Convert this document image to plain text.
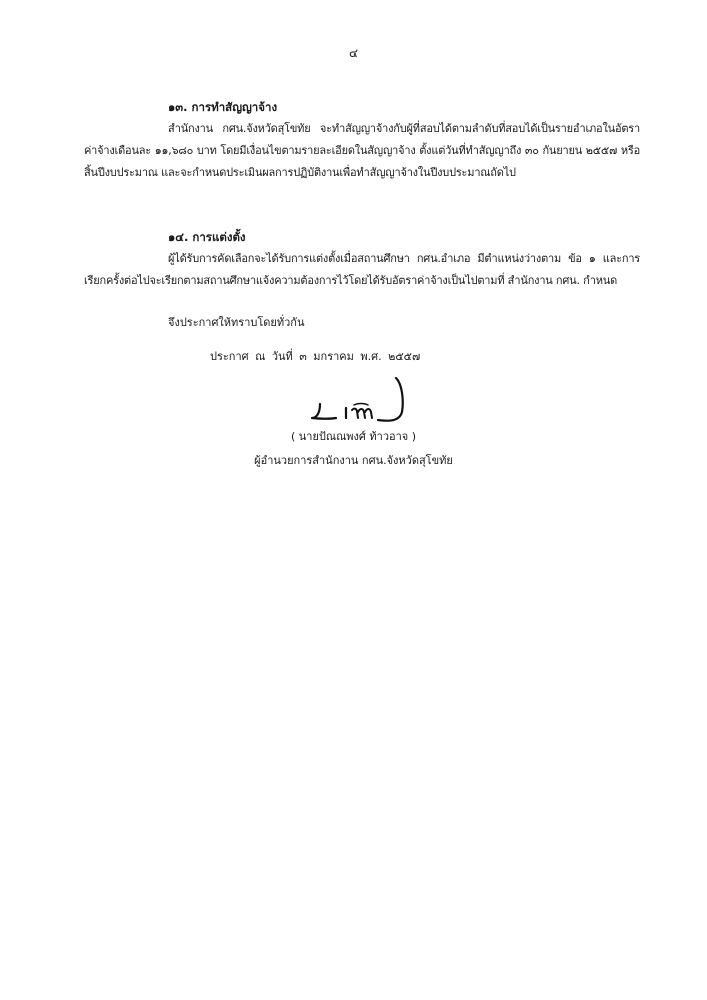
๔

๑๓. การทำสัญญาจ้าง

สำนักงาน กศน.จังหวัดสุโขทัย จะทำสัญญาจ้างกับผู้ที่สอบได้ตามลำดับที่สอบได้เป็นรายอำเภอในอัตราค่าจ้างเดือนละ ๑๑,๖๘๐ บาท โดยมีเงื่อนไขตามรายละเอียดในสัญญาจ้าง ตั้งแต่วันที่ทำสัญญาถึง ๓๐ กันยายน ๒๕๕๗ หรือสิ้นปีงบประมาณ และจะกำหนดประเมินผลการปฏิบัติงานเพื่อทำสัญญาจ้างในปีงบประมาณถัดไป

๑๔. การแต่งตั้ง

ผู้ได้รับการคัดเลือกจะได้รับการแต่งตั้งเมื่อสถานศึกษา กศน.อำเภอ มีตำแหน่งว่างตาม ข้อ ๑ และการเรียกครั้งต่อไปจะเรียกตามสถานศึกษาแจ้งความต้องการไว้โดยได้รับอัตราค่าจ้างเป็นไปตามที่ สำนักงาน กศน. กำหนด

จึงประกาศให้ทราบโดยทั่วกัน
ประกาศ ณ วันที่ ๓ มกราคม พ.ศ. ๒๕๕๗
( นายปัณณพงศ์ ท้าวอาจ )
ผู้อำนวยการสำนักงาน กศน.จังหวัดสุโขทัย
